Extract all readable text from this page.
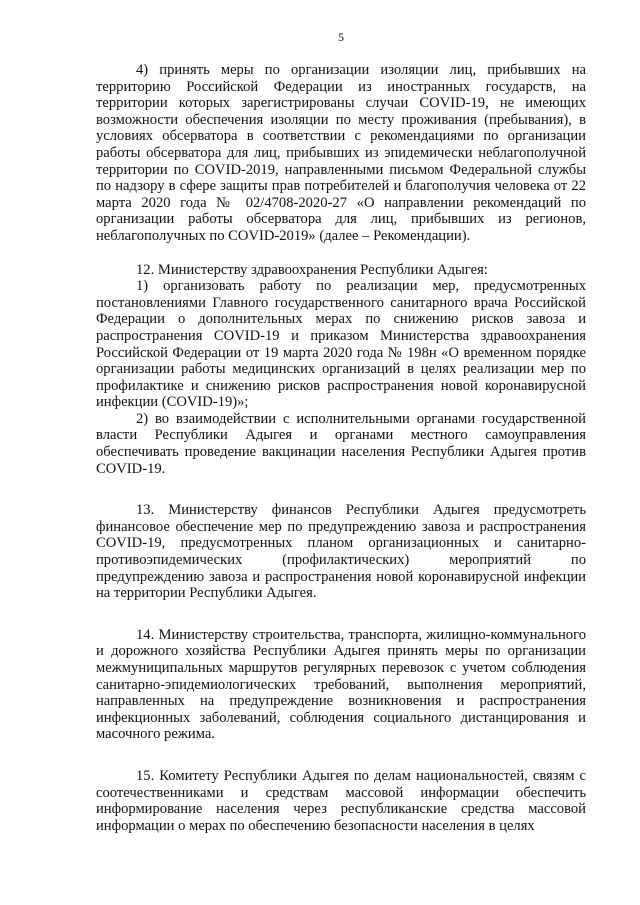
5

4) принять меры по организации изоляции лиц, прибывших на территорию Российской Федерации из иностранных государств, на территории которых зарегистрированы случаи COVID-19, не имеющих возможности обеспечения изоляции по месту проживания (пребывания), в условиях обсерватора в соответствии с рекомендациями по организации работы обсерватора для лиц, прибывших из эпидемически неблагополучной территории по COVID-2019, направленными письмом Федеральной службы по надзору в сфере защиты прав потребителей и благополучия человека от 22 марта 2020 года № 02/4708-2020-27 «О направлении рекомендаций по организации работы обсерватора для лиц, прибывших из регионов, неблагополучных по COVID-2019» (далее – Рекомендации).

12. Министерству здравоохранения Республики Адыгея:

1) организовать работу по реализации мер, предусмотренных постановлениями Главного государственного санитарного врача Российской Федерации о дополнительных мерах по снижению рисков завоза и распространения COVID-19 и приказом Министерства здравоохранения Российской Федерации от 19 марта 2020 года № 198н «О временном порядке организации работы медицинских организаций в целях реализации мер по профилактике и снижению рисков распространения новой коронавирусной инфекции (COVID-19)»;

2) во взаимодействии с исполнительными органами государственной власти Республики Адыгея и органами местного самоуправления обеспечивать проведение вакцинации населения Республики Адыгея против COVID-19.

13. Министерству финансов Республики Адыгея предусмотреть финансовое обеспечение мер по предупреждению завоза и распространения COVID-19, предусмотренных планом организационных и санитарно-противоэпидемических (профилактических) мероприятий по предупреждению завоза и распространения новой коронавирусной инфекции на территории Республики Адыгея.

14. Министерству строительства, транспорта, жилищно-коммунального и дорожного хозяйства Республики Адыгея принять меры по организации межмуниципальных маршрутов регулярных перевозок с учетом соблюдения санитарно-эпидемиологических требований, выполнения мероприятий, направленных на предупреждение возникновения и распространения инфекционных заболеваний, соблюдения социального дистанцирования и масочного режима.

15. Комитету Республики Адыгея по делам национальностей, связям с соотечественниками и средствам массовой информации обеспечить информирование населения через республиканские средства массовой информации о мерах по обеспечению безопасности населения в целях
